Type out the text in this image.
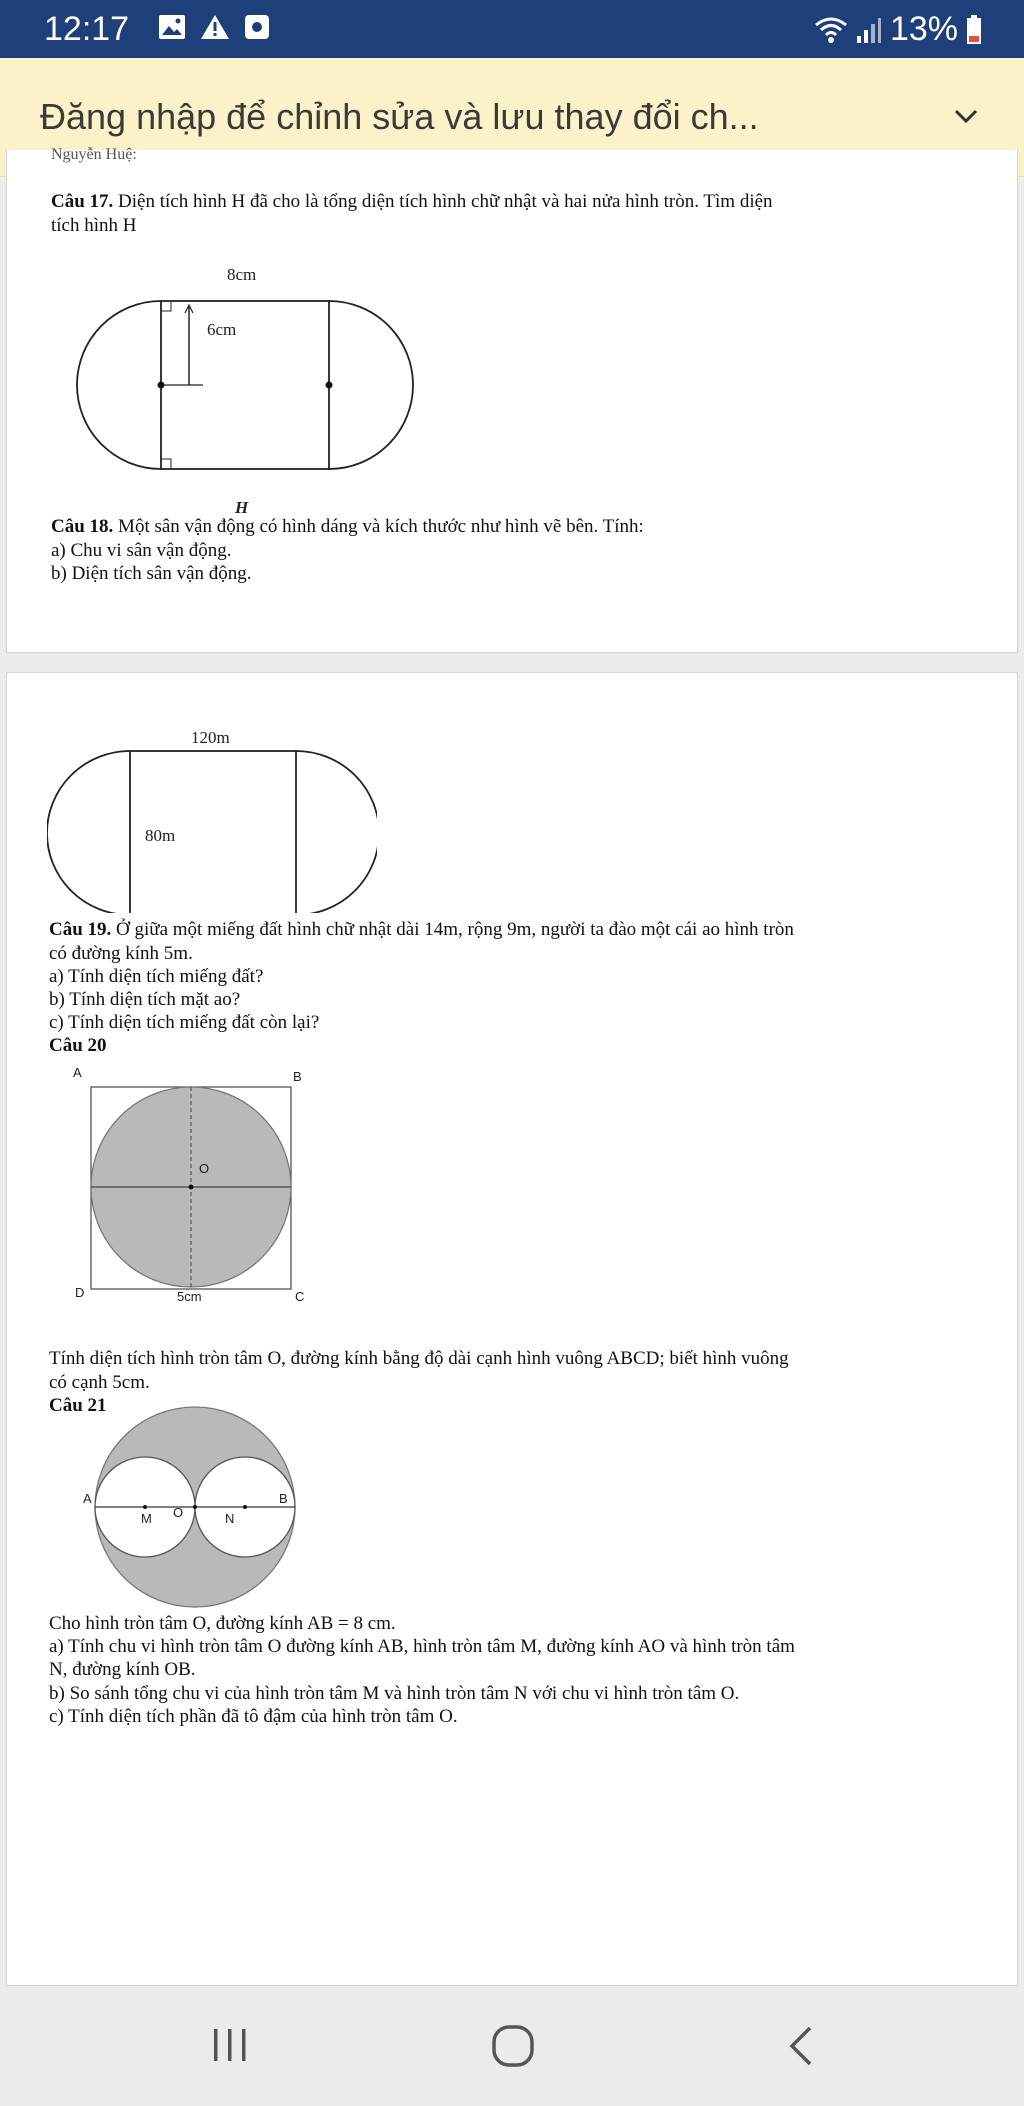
12:17	13%
Đăng nhập để chỉnh sửa và lưu thay đổi ch...
Nguyễn Huệ:
Câu 17. Diện tích hình H đã cho là tổng diện tích hình chữ nhật và hai nửa hình tròn. Tìm diện
tích hình H
8cm
6cm
H
Câu 18. Một sân vận động có hình dáng và kích thước như hình vẽ bên. Tính:
a) Chu vi sân vận động.
b) Diện tích sân vận động.
120m
80m
Câu 19. Ở giữa một miếng đất hình chữ nhật dài 14m, rộng 9m, người ta đào một cái ao hình tròn
có đường kính 5m.
a) Tính diện tích miếng đất?
b) Tính diện tích mặt ao?
c) Tính diện tích miếng đất còn lại?
Câu 20
A	B
O
D	5cm	C
Tính diện tích hình tròn tâm O, đường kính bằng độ dài cạnh hình vuông ABCD; biết hình vuông
có cạnh 5cm.
Câu 21
A	B
M O	N
Cho hình tròn tâm O, đường kính AB = 8 cm.
a) Tính chu vi hình tròn tâm O đường kính AB, hình tròn tâm M, đường kính AO và hình tròn tâm
N, đường kính OB.
b) So sánh tổng chu vi của hình tròn tâm M và hình tròn tâm N với chu vi hình tròn tâm O.
c) Tính diện tích phần đã tô đậm của hình tròn tâm O.
